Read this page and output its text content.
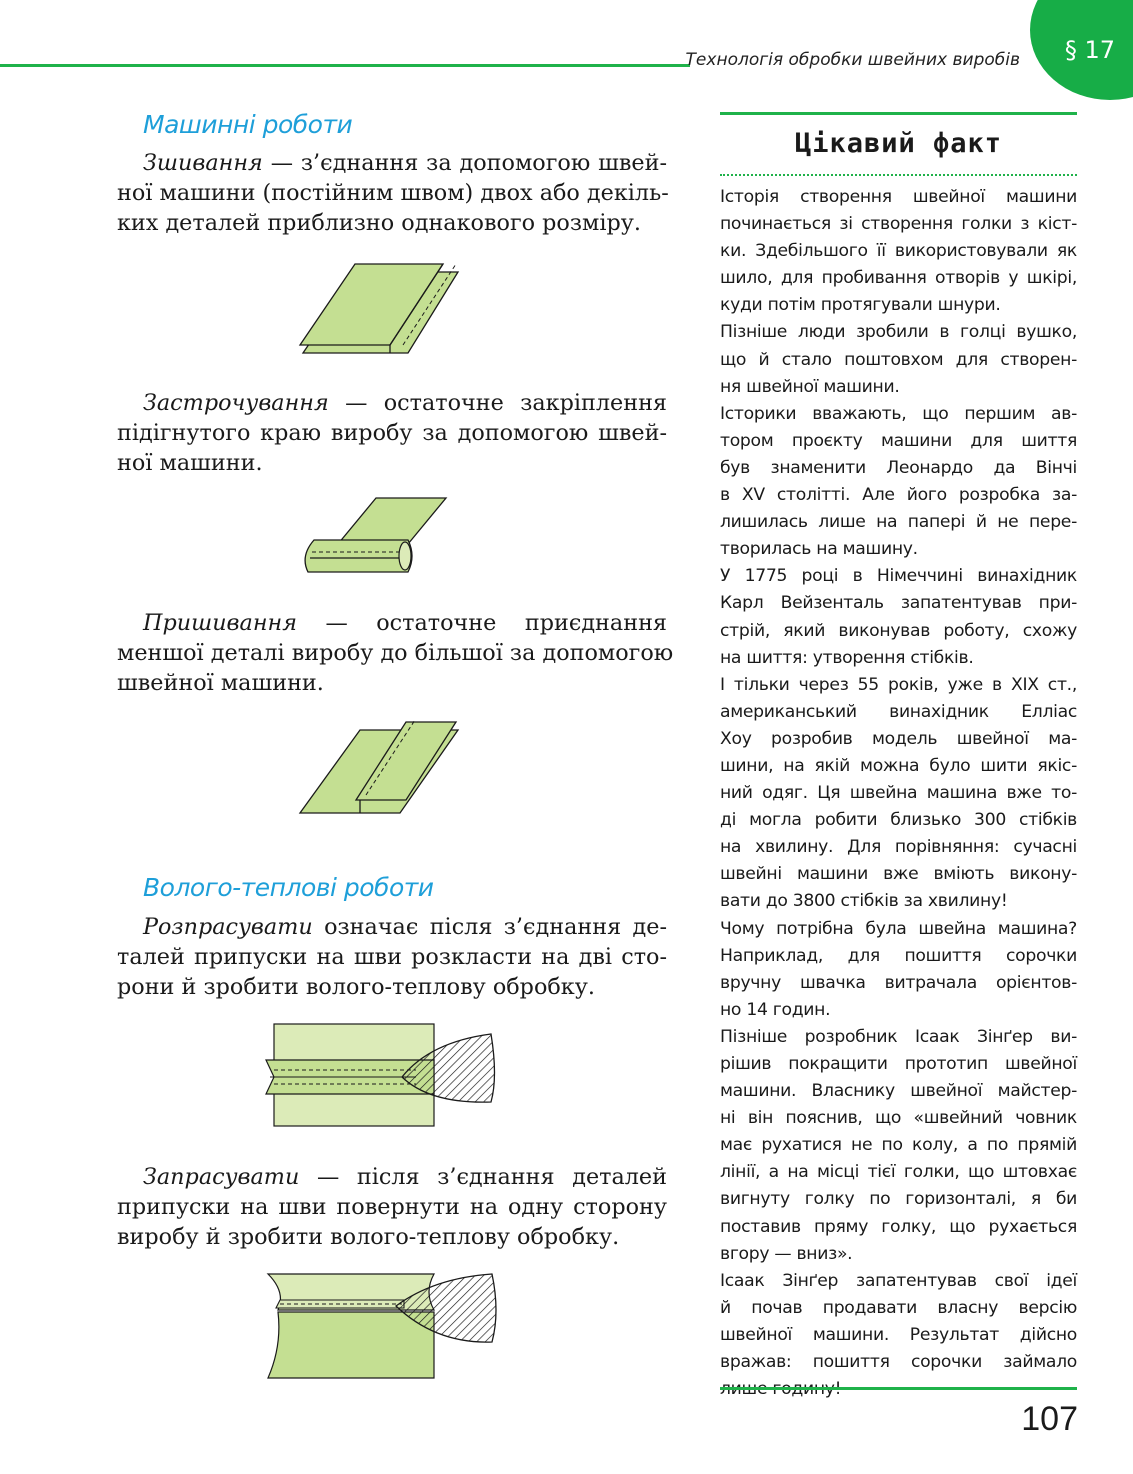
Технологія обробки швейних виробів § 17
Машинні роботи
Зшивання — з’єднання за допомогою швей-
ної машини (постійним швом) двох або декіль-
ких деталей приблизно однакового розміру.
Застрочування — остаточне закріплення
підігнутого краю виробу за допомогою швей-
ної машини.
Пришивання — остаточне приєднання
меншої деталі виробу до більшої за допомогою
швейної машини.
Волого-теплові роботи
Розпрасувати означає після з’єднання де-
талей припуски на шви розкласти на дві сто-
рони й зробити волого-теплову обробку.
Запрасувати — після з’єднання деталей
припуски на шви повернути на одну сторону
виробу й зробити волого-теплову обробку.
Цікавий факт
Історія створення швейної машини
починається зі створення голки з кіст-
ки. Здебільшого її використовували як
шило, для пробивання отворів у шкірі,
куди потім протягували шнури.
Пізніше люди зробили в голці вушко,
що й стало поштовхом для створен-
ня швейної машини.
Історики вважають, що першим ав-
тором проєкту машини для шиття
був знаменити Леонардо да Вінчі
в XV столітті. Але його розробка за-
лишилась лише на папері й не пере-
творилась на машину.
У 1775 році в Німеччині винахідник
Карл Вейзенталь запатентував при-
стрій, який виконував роботу, схожу
на шиття: утворення стібків.
І тільки через 55 років, уже в XIX ст.,
американський винахідник Елліас
Хоу розробив модель швейної ма-
шини, на якій можна було шити якіс-
ний одяг. Ця швейна машина вже то-
ді могла робити близько 300 стібків
на хвилину. Для порівняння: сучасні
швейні машини вже вміють викону-
вати до 3800 стібків за хвилину!
Чому потрібна була швейна машина?
Наприклад, для пошиття сорочки
вручну швачка витрачала орієнтов-
но 14 годин.
Пізніше розробник Ісаак Зінґер ви-
рішив покращити прототип швейної
машини. Власнику швейної майстер-
ні він пояснив, що «швейний човник
має рухатися не по колу, а по прямій
лінії, а на місці тієї голки, що штовхає
вигнуту голку по горизонталі, я би
поставив пряму голку, що рухається
вгору — вниз».
Ісаак Зінґер запатентував свої ідеї
й почав продавати власну версію
швейної машини. Результат дійсно
вражав: пошиття сорочки займало
107
